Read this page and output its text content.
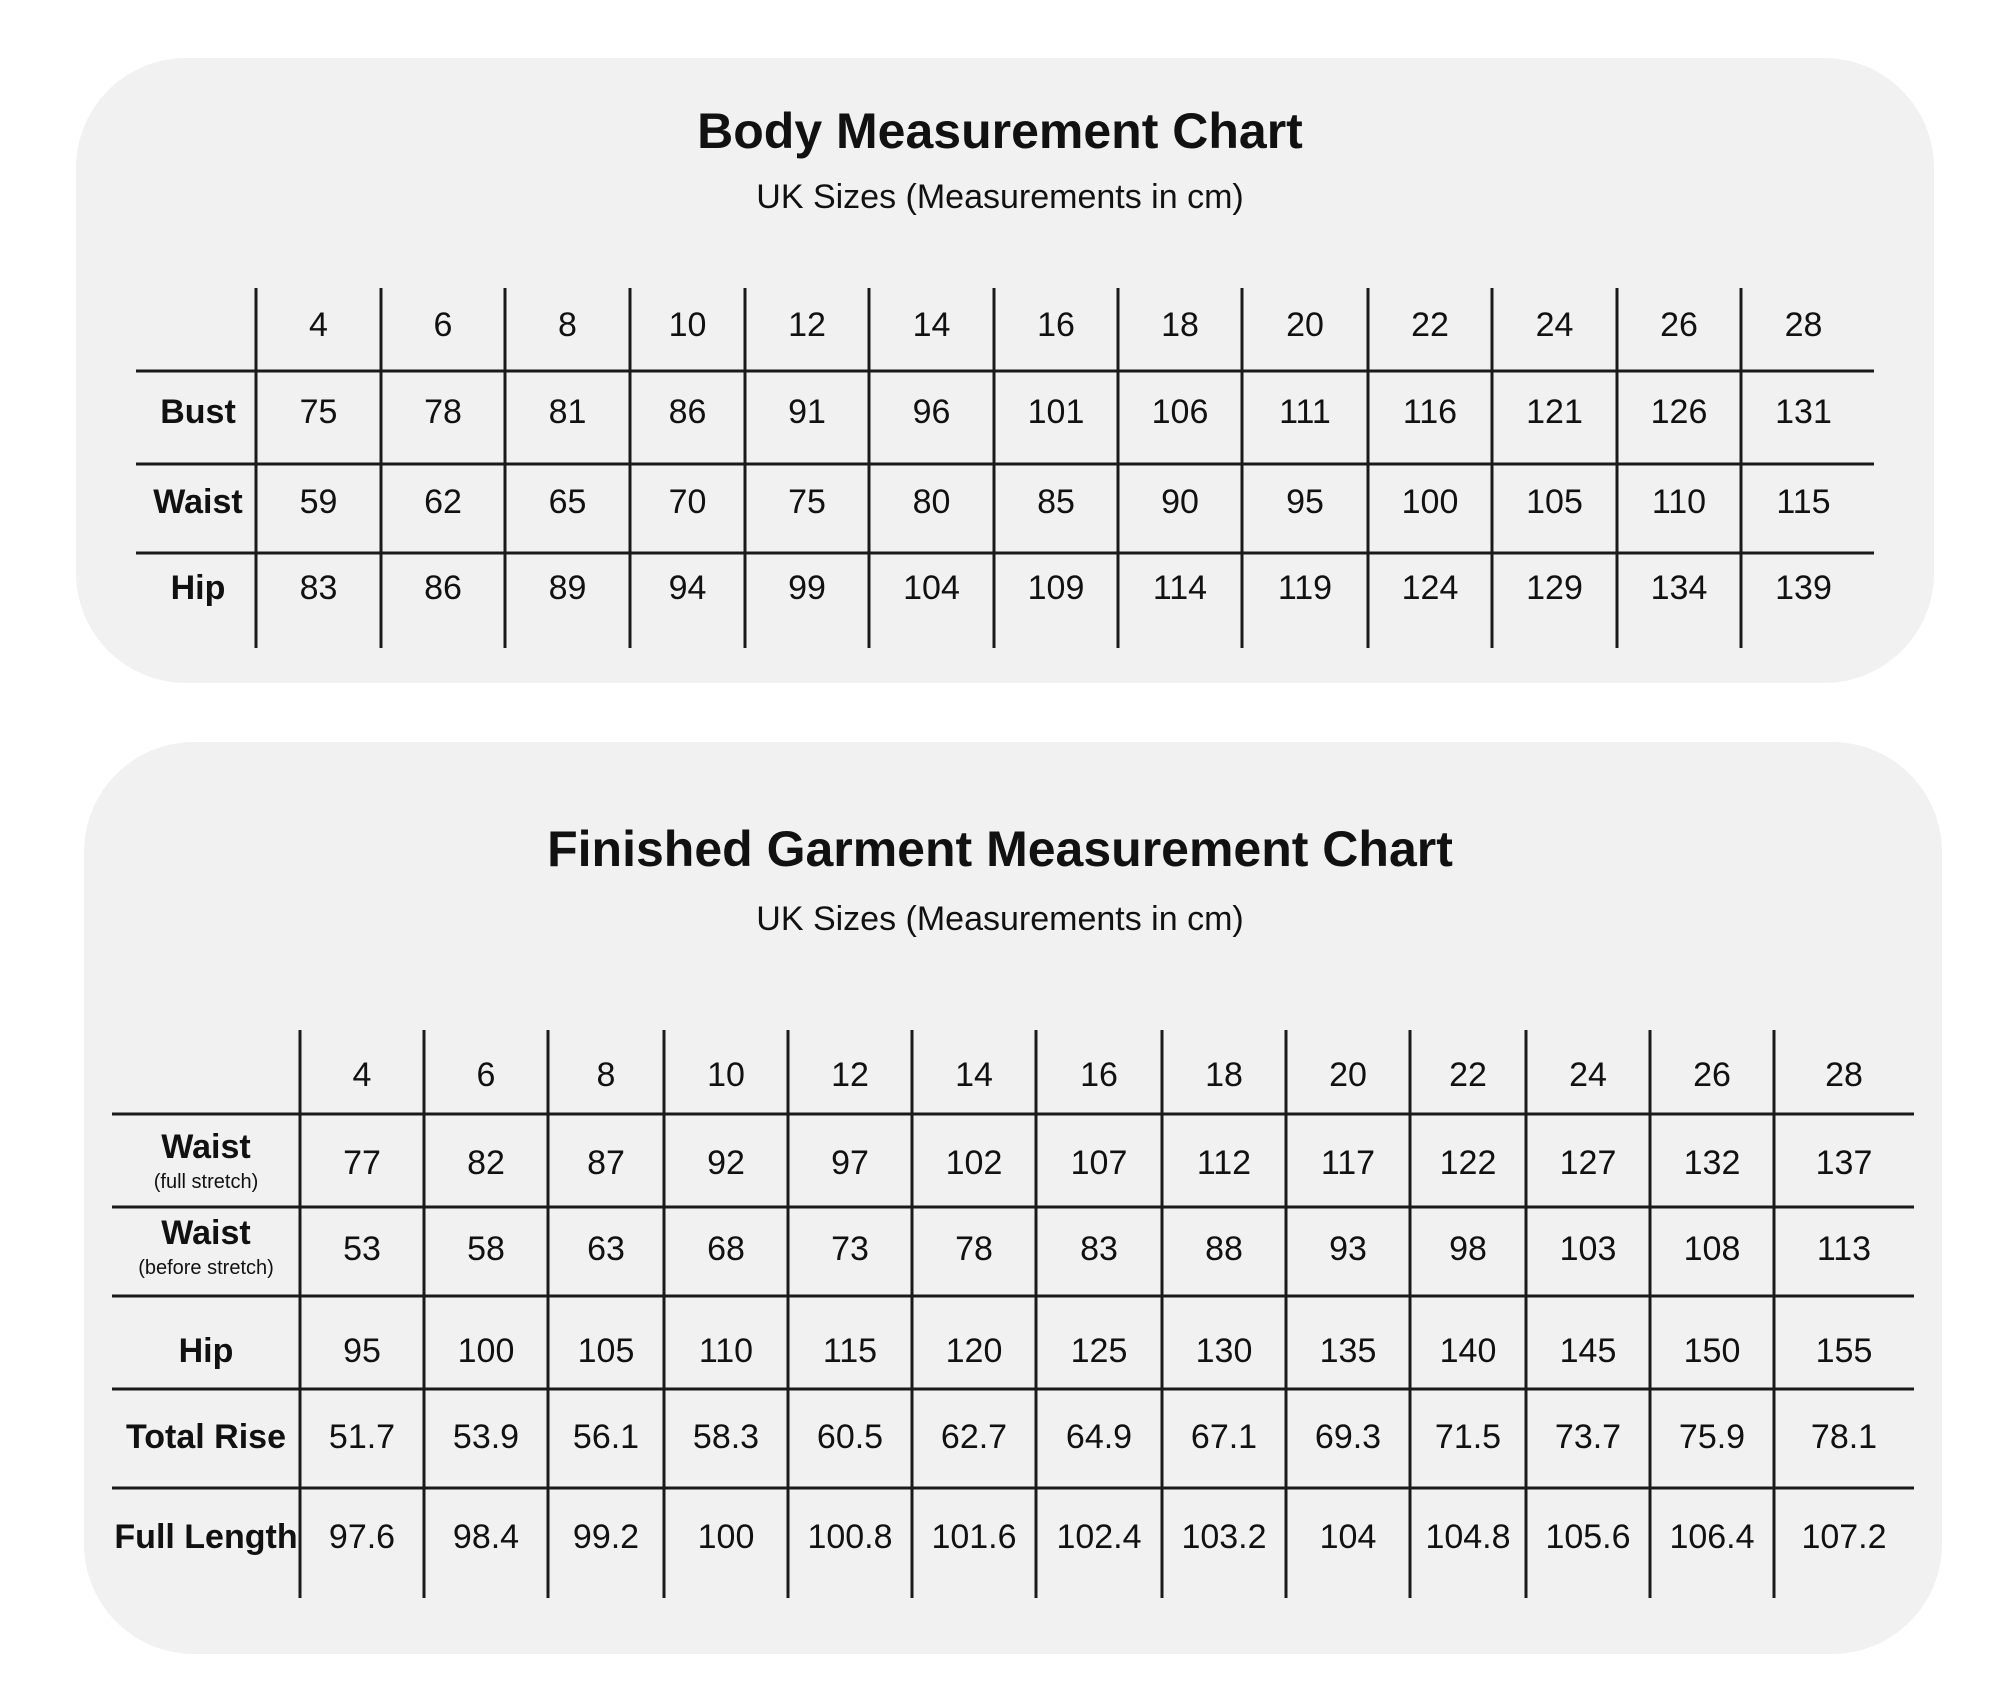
Body Measurement Chart
UK Sizes (Measurements in cm)
Finished Garment Measurement Chart
UK Sizes (Measurements in cm)
4	6	8	10 12	14	16	18	20	22	24	26	28
Bust 75	78	81 86 91	96 101 106 111 116 121 126 131
Waist 59	62	65 70 75	80	85	90	95 100 105 110 115
Hip 83	86	89 94 99 104 109 114 119 124 129 134 139
4	6	8	10	12	14	16	18	20 22 24	26	28
Waist
(full stretch) 77	82 87 92	97 102 107 112 117 122 127 132 137
Waist
(before stretch) 53	58 63 68	73	78	83	88	93 98 103 108 113
Hip	95 100 105 110 115 120 125 130 135 140 145 150 155
Total Rise 51.7 53.9 56.1 58.3 60.5 62.7 64.9 67.1 69.3 71.5 73.7 75.9 78.1
Full Length 97.6 98.4 99.2 100 100.8 101.6 102.4 103.2 104 104.8 105.6 106.4 107.2
